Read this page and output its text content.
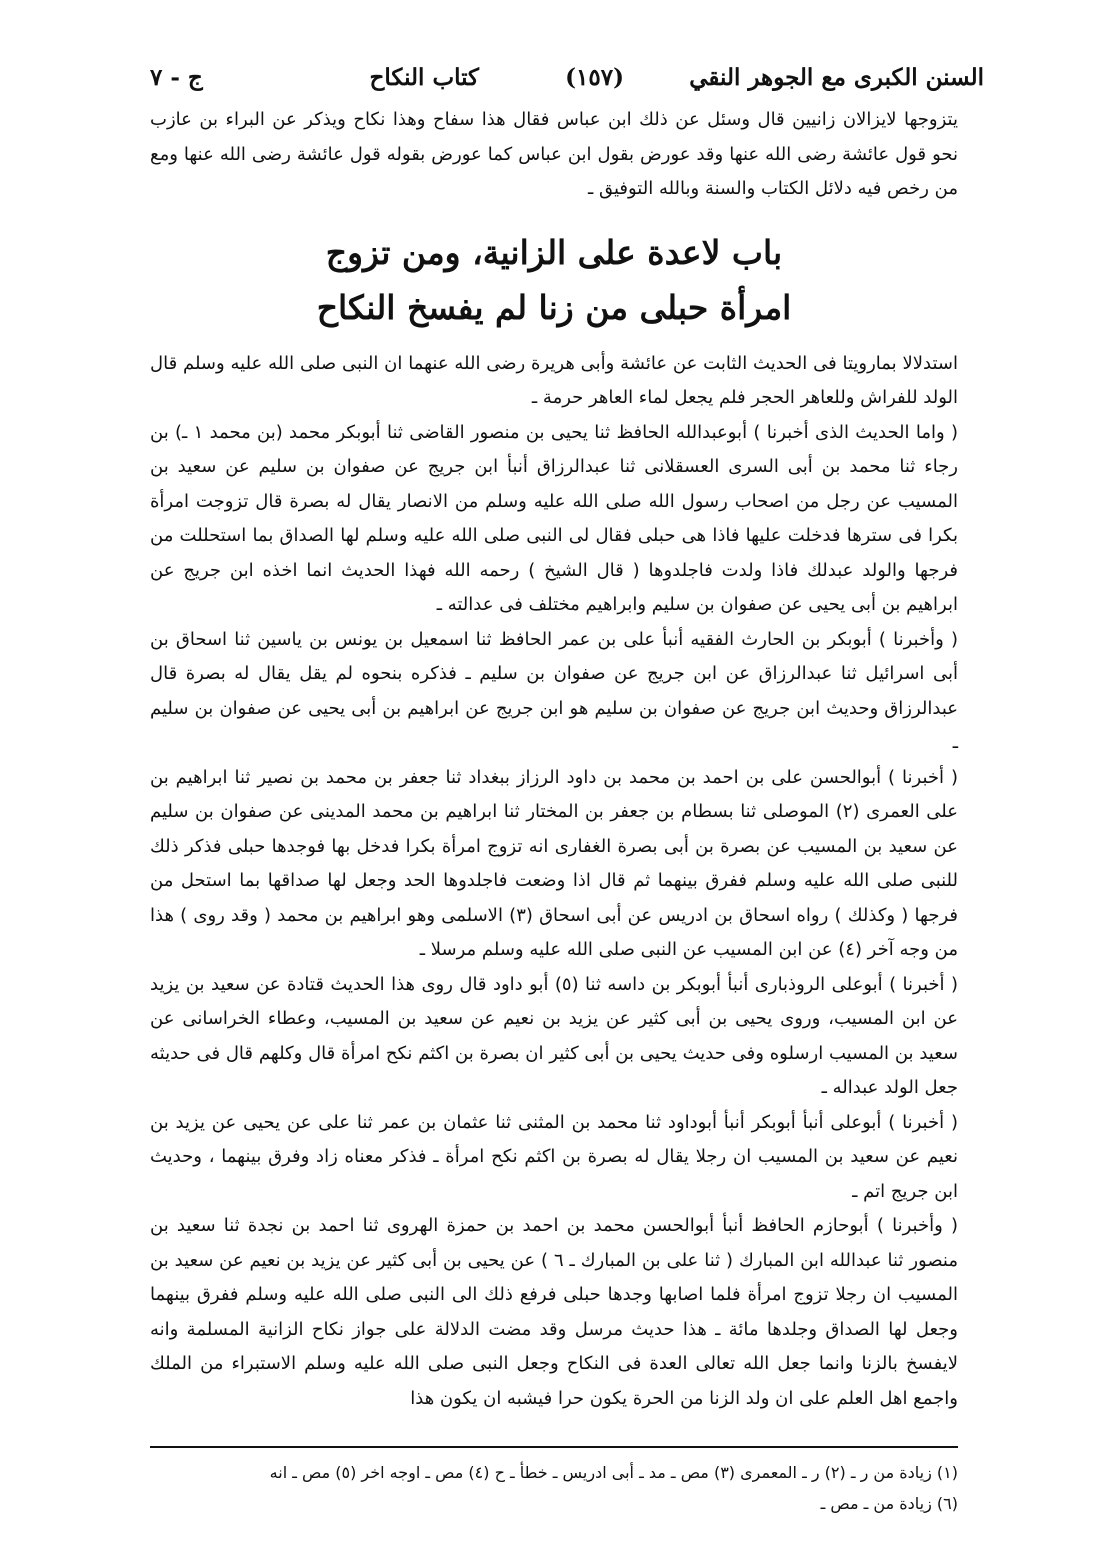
السنن الكبرى مع الجوهر النقي
(١٥٧)
كتاب النكاح
ج - ٧

يتزوجها لايزالان زانيين قال وسئل عن ذلك ابن عباس فقال هذا سفاح وهذا نكاح ويذكر عن البراء بن عازب نحو قول عائشة رضى الله عنها وقد عورض بقول ابن عباس كما عورض بقوله قول عائشة رضى الله عنها ومع من رخص فيه دلائل الكتاب والسنة وبالله التوفيق ـ

باب لاعدة على الزانية، ومن تزوج
امرأة حبلى من زنا لم يفسخ النكاح

استدلالا بمارويتا فى الحديث الثابت عن عائشة وأبى هريرة رضى الله عنهما ان النبى صلى الله عليه وسلم قال الولد للفراش وللعاهر الحجر فلم يجعل لماء العاهر حرمة ـ

( واما الحديث الذى أخبرنا ) أبوعبدالله الحافظ ثنا يحيى بن منصور القاضى ثنا أبوبكر محمد (بن محمد ١ ـ) بن رجاء ثنا محمد بن أبى السرى العسقلانى ثنا عبدالرزاق أنبأ ابن جريج عن صفوان بن سليم عن سعيد بن المسيب عن رجل من اصحاب رسول الله صلى الله عليه وسلم من الانصار يقال له بصرة قال تزوجت امرأة بكرا فى سترها فدخلت عليها فاذا هى حبلى فقال لى النبى صلى الله عليه وسلم لها الصداق بما استحللت من فرجها والولد عبدلك فاذا ولدت فاجلدوها ( قال الشيخ ) رحمه الله فهذا الحديث انما اخذه ابن جريج عن ابراهيم بن أبى يحيى عن صفوان بن سليم وابراهيم مختلف فى عدالته ـ

( وأخبرنا ) أبوبكر بن الحارث الفقيه أنبأ على بن عمر الحافظ ثنا اسمعيل بن يونس بن ياسين ثنا اسحاق بن أبى اسرائيل ثنا عبدالرزاق عن ابن جريج عن صفوان بن سليم ـ فذكره بنحوه لم يقل يقال له بصرة قال عبدالرزاق وحديث ابن جريج عن صفوان بن سليم هو ابن جريج عن ابراهيم بن أبى يحيى عن صفوان بن سليم ـ

( أخبرنا ) أبوالحسن على بن احمد بن محمد بن داود الرزاز ببغداد ثنا جعفر بن محمد بن نصير ثنا ابراهيم بن على العمرى (٢) الموصلى ثنا بسطام بن جعفر بن المختار ثنا ابراهيم بن محمد المدينى عن صفوان بن سليم عن سعيد بن المسيب عن بصرة بن أبى بصرة الغفارى انه تزوج امرأة بكرا فدخل بها فوجدها حبلى فذكر ذلك للنبى صلى الله عليه وسلم ففرق بينهما ثم قال اذا وضعت فاجلدوها الحد وجعل لها صداقها بما استحل من فرجها ( وكذلك ) رواه اسحاق بن ادريس عن أبى اسحاق (٣) الاسلمى وهو ابراهيم بن محمد ( وقد روى ) هذا من وجه آخر (٤) عن ابن المسيب عن النبى صلى الله عليه وسلم مرسلا ـ

( أخبرنا ) أبوعلى الروذبارى أنبأ أبوبكر بن داسه ثنا (٥) أبو داود قال روى هذا الحديث قتادة عن سعيد بن يزيد عن ابن المسيب، وروى يحيى بن أبى كثير عن يزيد بن نعيم عن سعيد بن المسيب، وعطاء الخراسانى عن سعيد بن المسيب ارسلوه وفى حديث يحيى بن أبى كثير ان بصرة بن اكثم نكح امرأة قال وكلهم قال فى حديثه جعل الولد عبداله ـ

( أخبرنا ) أبوعلى أنبأ أبوبكر أنبأ أبوداود ثنا محمد بن المثنى ثنا عثمان بن عمر ثنا على عن يحيى عن يزيد بن نعيم عن سعيد بن المسيب ان رجلا يقال له بصرة بن اكثم نكح امرأة ـ فذكر معناه زاد وفرق بينهما ، وحديث ابن جريج اتم ـ

( وأخبرنا ) أبوحازم الحافظ أنبأ أبوالحسن محمد بن احمد بن حمزة الهروى ثنا احمد بن نجدة ثنا سعيد بن منصور ثنا عبدالله ابن المبارك ( ثنا على بن المبارك ـ ٦ ) عن يحيى بن أبى كثير عن يزيد بن نعيم عن سعيد بن المسيب ان رجلا تزوج امرأة فلما اصابها وجدها حبلى فرفع ذلك الى النبى صلى الله عليه وسلم ففرق بينهما وجعل لها الصداق وجلدها مائة ـ هذا حديث مرسل وقد مضت الدلالة على جواز نكاح الزانية المسلمة وانه لايفسخ بالزنا وانما جعل الله تعالى العدة فى النكاح وجعل النبى صلى الله عليه وسلم الاستبراء من الملك واجمع اهل العلم على ان ولد الزنا من الحرة يكون حرا فيشبه ان يكون هذا

(١) زيادة من ر ـ (٢) ر ـ المعمرى (٣) مص ـ مد ـ أبى ادريس ـ خطأ ـ ح (٤) مص ـ اوجه اخر (٥) مص ـ انه

(٦) زيادة من ـ مص ـ
